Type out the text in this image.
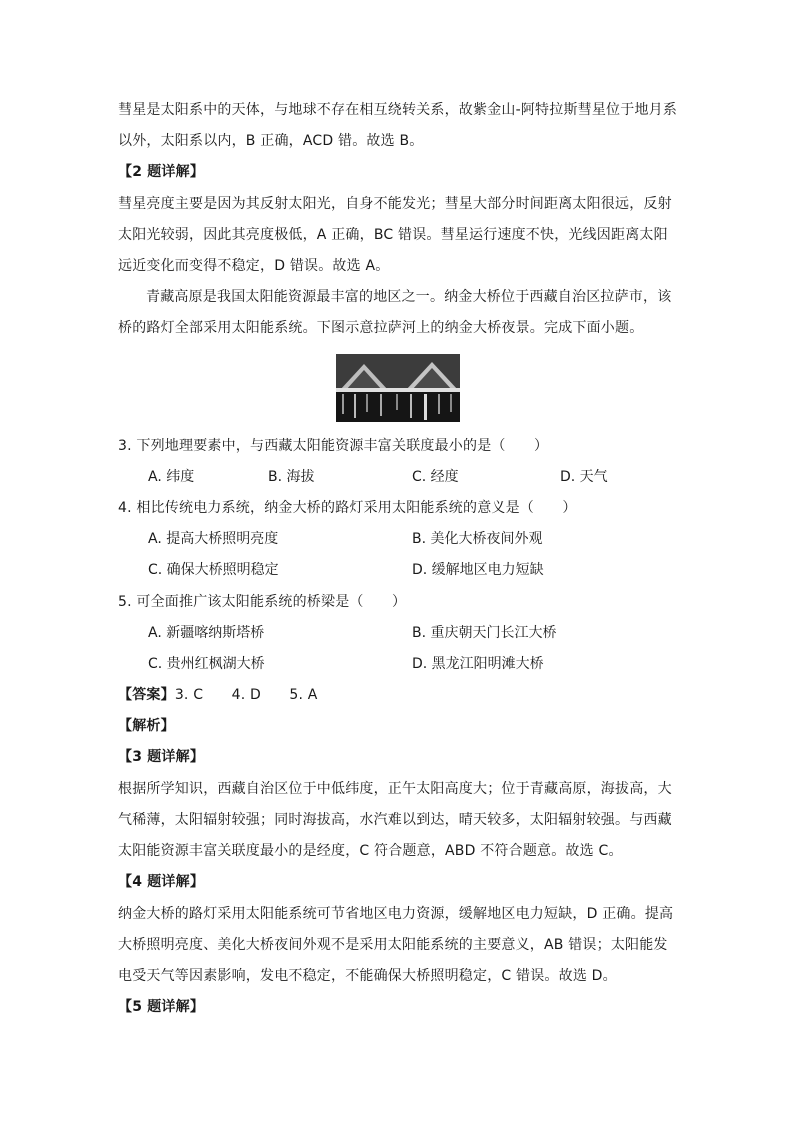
彗星是太阳系中的天体，与地球不存在相互绕转关系，故紫金山-阿特拉斯彗星位于地月系
以外，太阳系以内，B 正确，ACD 错。故选 B。
【2 题详解】
彗星亮度主要是因为其反射太阳光，自身不能发光；彗星大部分时间距离太阳很远，反射
太阳光较弱，因此其亮度极低，A 正确，BC 错误。彗星运行速度不快，光线因距离太阳
远近变化而变得不稳定，D 错误。故选 A。
青藏高原是我国太阳能资源最丰富的地区之一。纳金大桥位于西藏自治区拉萨市，该
桥的路灯全部采用太阳能系统。下图示意拉萨河上的纳金大桥夜景。完成下面小题。
3. 下列地理要素中，与西藏太阳能资源丰富关联度最小的是（　　）
A. 纬度	B. 海拔	C. 经度	D. 天气
4. 相比传统电力系统，纳金大桥的路灯采用太阳能系统的意义是（　　）
A. 提高大桥照明亮度	B. 美化大桥夜间外观
C. 确保大桥照明稳定	D. 缓解地区电力短缺
5. 可全面推广该太阳能系统的桥梁是（　　）
A. 新疆喀纳斯塔桥	B. 重庆朝天门长江大桥
C. 贵州红枫湖大桥	D. 黑龙江阳明滩大桥
【答案】3. C　　4. D　　5. A
【解析】
【3 题详解】
根据所学知识，西藏自治区位于中低纬度，正午太阳高度大；位于青藏高原，海拔高，大
气稀薄，太阳辐射较强；同时海拔高，水汽难以到达，晴天较多，太阳辐射较强。与西藏
太阳能资源丰富关联度最小的是经度，C 符合题意，ABD 不符合题意。故选 C。
【4 题详解】
纳金大桥的路灯采用太阳能系统可节省地区电力资源，缓解地区电力短缺，D 正确。提高
大桥照明亮度、美化大桥夜间外观不是采用太阳能系统的主要意义，AB 错误；太阳能发
电受天气等因素影响，发电不稳定，不能确保大桥照明稳定，C 错误。故选 D。
【5 题详解】
